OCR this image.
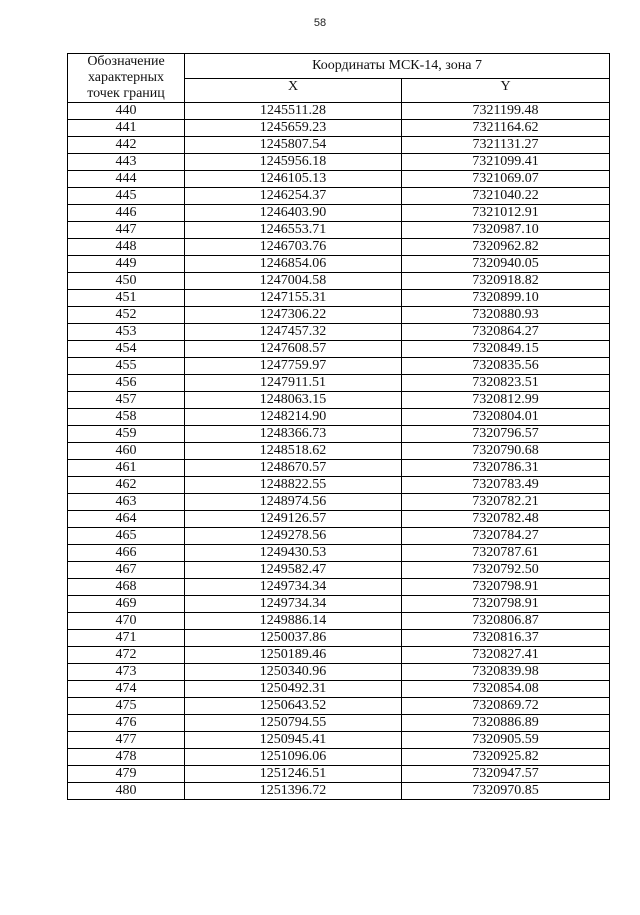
58
Обозначение
характерных
точек границ	Координаты МСК-14, зона 7	
	X	Y
440	1245511.28	7321199.48
441	1245659.23	7321164.62
442	1245807.54	7321131.27
443	1245956.18	7321099.41
444	1246105.13	7321069.07
445	1246254.37	7321040.22
446	1246403.90	7321012.91
447	1246553.71	7320987.10
448	1246703.76	7320962.82
449	1246854.06	7320940.05
450	1247004.58	7320918.82
451	1247155.31	7320899.10
452	1247306.22	7320880.93
453	1247457.32	7320864.27
454	1247608.57	7320849.15
455	1247759.97	7320835.56
456	1247911.51	7320823.51
457	1248063.15	7320812.99
458	1248214.90	7320804.01
459	1248366.73	7320796.57
460	1248518.62	7320790.68
461	1248670.57	7320786.31
462	1248822.55	7320783.49
463	1248974.56	7320782.21
464	1249126.57	7320782.48
465	1249278.56	7320784.27
466	1249430.53	7320787.61
467	1249582.47	7320792.50
468	1249734.34	7320798.91
469	1249734.34	7320798.91
470	1249886.14	7320806.87
471	1250037.86	7320816.37
472	1250189.46	7320827.41
473	1250340.96	7320839.98
474	1250492.31	7320854.08
475	1250643.52	7320869.72
476	1250794.55	7320886.89
477	1250945.41	7320905.59
478	1251096.06	7320925.82
479	1251246.51	7320947.57
480	1251396.72	7320970.85
